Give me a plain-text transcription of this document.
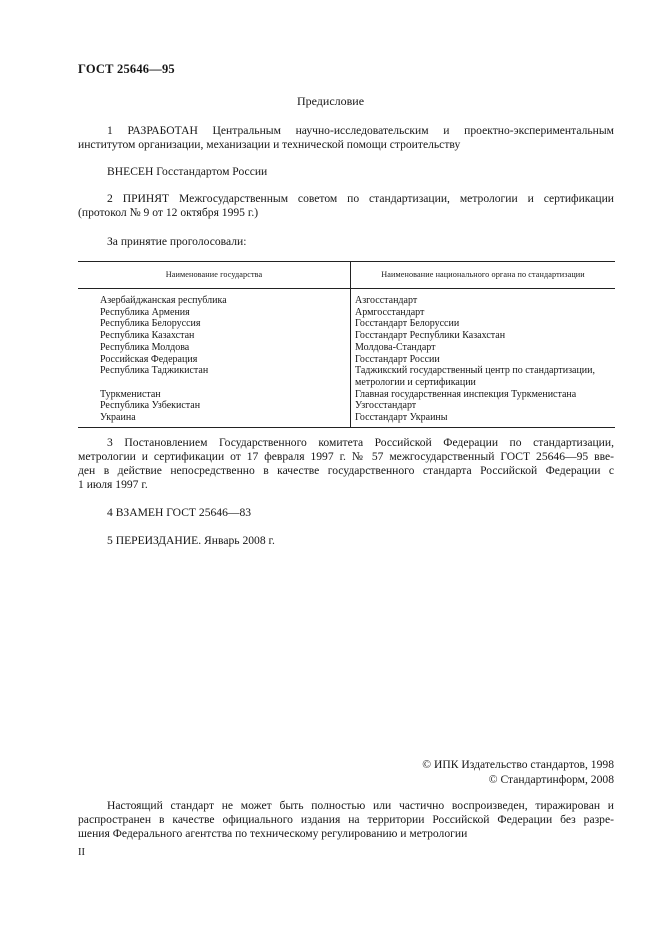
ГОСТ 25646—95
Предисловие
1 РАЗРАБОТАН Центральным научно-исследовательским и проектно-экспериментальным
институтом организации, механизации и технической помощи строительству
ВНЕСЕН Госстандартом России
2 ПРИНЯТ Межгосударственным советом по стандартизации, метрологии и сертификации
(протокол № 9 от 12 октября 1995 г.)
За принятие проголосовали:
Наименование государства	Наименование национального органа по стандартизации
Азербайджанская республика	Азгосстандарт
Республика Армения	Армгосстандарт
Республика Белоруссия	Госстандарт Белоруссии
Республика Казахстан	Госстандарт Республики Казахстан
Республика Молдова	Молдова-Стандарт
Российская Федерация	Госстандарт России
Республика Таджикистан	Таджикский государственный центр по стандартизации, метрологии и сертификации
Туркменистан	Главная государственная инспекция Туркменистана
Республика Узбекистан	Узгосстандарт
Украина	Госстандарт Украины
3 Постановлением Государственного комитета Российской Федерации по стандартизации,
метрологии и сертификации от 17 февраля 1997 г. № 57 межгосударственный ГОСТ 25646—95 вве-
ден в действие непосредственно в качестве государственного стандарта Российской Федерации с
1 июля 1997 г.
4 ВЗАМЕН ГОСТ 25646—83
5 ПЕРЕИЗДАНИЕ. Январь 2008 г.
© ИПК Издательство стандартов, 1998
© Стандартинформ, 2008
Настоящий стандарт не может быть полностью или частично воспроизведен, тиражирован и
распространен в качестве официального издания на территории Российской Федерации без разре-
шения Федерального агентства по техническому регулированию и метрологии
II
